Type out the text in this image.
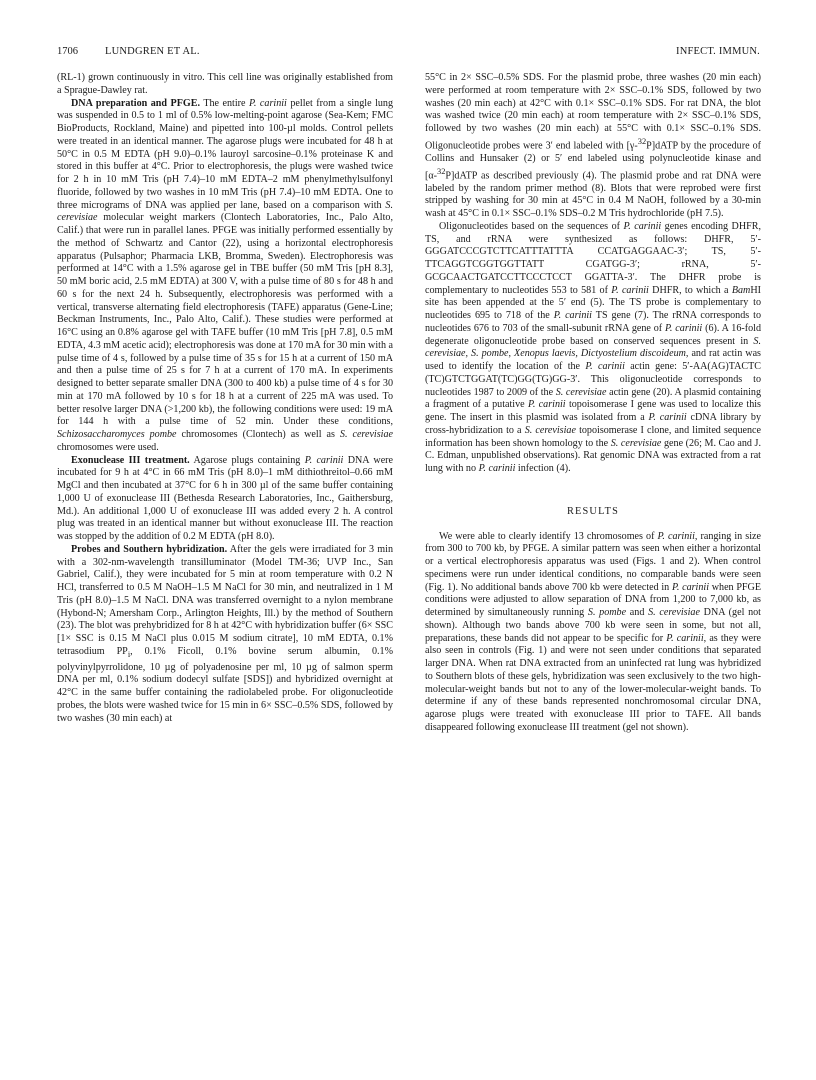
1706	LUNDGREN ET AL.	INFECT. IMMUN.

(RL-1) grown continuously in vitro. This cell line was originally established from a Sprague-Dawley rat.

DNA preparation and PFGE. The entire P. carinii pellet from a single lung was suspended in 0.5 to 1 ml of 0.5% low-melting-point agarose (Sea-Kem; FMC BioProducts, Rockland, Maine) and pipetted into 100-µl molds. Control pellets were treated in an identical manner. The agarose plugs were incubated for 48 h at 50°C in 0.5 M EDTA (pH 9.0)–0.1% lauroyl sarcosine–0.1% proteinase K and stored in this buffer at 4°C. Prior to electrophoresis, the plugs were washed twice for 2 h in 10 mM Tris (pH 7.4)–10 mM EDTA–2 mM phenylmethylsulfonyl fluoride, followed by two washes in 10 mM Tris (pH 7.4)–10 mM EDTA. One to three micrograms of DNA was applied per lane, based on a comparison with S. cerevisiae molecular weight markers (Clontech Laboratories, Inc., Palo Alto, Calif.) that were run in parallel lanes. PFGE was initially performed essentially by the method of Schwartz and Cantor (22), using a horizontal electrophoresis apparatus (Pulsaphor; Pharmacia LKB, Bromma, Sweden). Electrophoresis was performed at 14°C with a 1.5% agarose gel in TBE buffer (50 mM Tris [pH 8.3], 50 mM boric acid, 2.5 mM EDTA) at 300 V, with a pulse time of 80 s for 48 h and 60 s for the next 24 h. Subsequently, electrophoresis was performed with a vertical, transverse alternating field electrophoresis (TAFE) apparatus (Gene-Line; Beckman Instruments, Inc., Palo Alto, Calif.). These studies were performed at 16°C using an 0.8% agarose gel with TAFE buffer (10 mM Tris [pH 7.8], 0.5 mM EDTA, 4.3 mM acetic acid); electrophoresis was done at 170 mA for 30 min with a pulse time of 4 s, followed by a pulse time of 35 s for 15 h at a current of 150 mA and then a pulse time of 25 s for 7 h at a current of 170 mA. In experiments designed to better separate smaller DNA (300 to 400 kb) a pulse time of 4 s for 30 min at 170 mA followed by 10 s for 18 h at a current of 225 mA was used. To better resolve larger DNA (>1,200 kb), the following conditions were used: 19 mA for 144 h with a pulse time of 52 min. Under these conditions, Schizosaccharomyces pombe chromosomes (Clontech) as well as S. cerevisiae chromosomes were used.

Exonuclease III treatment. Agarose plugs containing P. carinii DNA were incubated for 9 h at 4°C in 66 mM Tris (pH 8.0)–1 mM dithiothreitol–0.66 mM MgCl and then incubated at 37°C for 6 h in 300 µl of the same buffer containing 1,000 U of exonuclease III (Bethesda Research Laboratories, Inc., Gaithersburg, Md.). An additional 1,000 U of exonuclease III was added every 2 h. A control plug was treated in an identical manner but without exonuclease III. The reaction was stopped by the addition of 0.2 M EDTA (pH 8.0).

Probes and Southern hybridization. After the gels were irradiated for 3 min with a 302-nm-wavelength transilluminator (Model TM-36; UVP Inc., San Gabriel, Calif.), they were incubated for 5 min at room temperature with 0.2 N HCl, transferred to 0.5 M NaOH–1.5 M NaCl for 30 min, and neutralized in 1 M Tris (pH 8.0)–1.5 M NaCl. DNA was transferred overnight to a nylon membrane (Hybond-N; Amersham Corp., Arlington Heights, Ill.) by the method of Southern (23). The blot was prehybridized for 8 h at 42°C with hybridization buffer (6× SSC [1× SSC is 0.15 M NaCl plus 0.015 M sodium citrate], 10 mM EDTA, 0.1% tetrasodium $PP_i$, 0.1% Ficoll, 0.1% bovine serum albumin, 0.1% polyvinylpyrrolidone, 10 µg of polyadenosine per ml, 10 µg of salmon sperm DNA per ml, 0.1% sodium dodecyl sulfate [SDS]) and hybridized overnight at 42°C in the same buffer containing the radiolabeled probe. For oligonucleotide probes, the blots were washed twice for 15 min in 6× SSC–0.5% SDS, followed by two washes (30 min each) at

55°C in 2× SSC–0.5% SDS. For the plasmid probe, three washes (20 min each) were performed at room temperature with 2× SSC–0.1% SDS, followed by two washes (20 min each) at 42°C with 0.1× SSC–0.1% SDS. For rat DNA, the blot was washed twice (20 min each) at room temperature with 2× SSC–0.1% SDS, followed by two washes (20 min each) at 55°C with 0.1× SSC–0.1% SDS. Oligonucleotide probes were 3′ end labeled with [γ-$^{32}$P]dATP by the procedure of Collins and Hunsaker (2) or 5′ end labeled using polynucleotide kinase and [α-$^{32}$P]dATP as described previously (4). The plasmid probe and rat DNA were labeled by the random primer method (8). Blots that were reprobed were first stripped by washing for 30 min at 45°C in 0.4 M NaOH, followed by a 30-min wash at 45°C in 0.1× SSC–0.1% SDS–0.2 M Tris hydrochloride (pH 7.5).

Oligonucleotides based on the sequences of P. carinii genes encoding DHFR, TS, and rRNA were synthesized as follows: DHFR, 5′-GGGATCCCGTCTTCATTTATTTA CCATGAGGAAC-3′; TS, 5′-TTCAGGTCGGTGGTTATT CGATGG-3′; rRNA, 5′-GCGCAACTGATCCTTCCCTCCT GGATTA-3′. The DHFR probe is complementary to nucleotides 553 to 581 of P. carinii DHFR, to which a BamHI site has been appended at the 5′ end (5). The TS probe is complementary to nucleotides 695 to 718 of the P. carinii TS gene (7). The rRNA corresponds to nucleotides 676 to 703 of the small-subunit rRNA gene of P. carinii (6). A 16-fold degenerate oligonucleotide probe based on conserved sequences present in S. cerevisiae, S. pombe, Xenopus laevis, Dictyostelium discoideum, and rat actin was used to identify the location of the P. carinii actin gene: 5′-AA(AG)TACTC (TC)GTCTGGAT(TC)GG(TG)GG-3′. This oligonucleotide corresponds to nucleotides 1987 to 2009 of the S. cerevisiae actin gene (20). A plasmid containing a fragment of a putative P. carinii topoisomerase I gene was used to localize this gene. The insert in this plasmid was isolated from a P. carinii cDNA library by cross-hybridization to a S. cerevisiae topoisomerase I clone, and limited sequence information has been shown homology to the S. cerevisiae gene (26; M. Cao and J. C. Edman, unpublished observations). Rat genomic DNA was extracted from a rat lung with no P. carinii infection (4).

RESULTS

We were able to clearly identify 13 chromosomes of P. carinii, ranging in size from 300 to 700 kb, by PFGE. A similar pattern was seen when either a horizontal or a vertical electrophoresis apparatus was used (Figs. 1 and 2). When control specimens were run under identical conditions, no comparable bands were seen (Fig. 1). No additional bands above 700 kb were detected in P. carinii when PFGE conditions were adjusted to allow separation of DNA from 1,200 to 7,000 kb, as determined by simultaneously running S. pombe and S. cerevisiae DNA (gel not shown). Although two bands above 700 kb were seen in some, but not all, preparations, these bands did not appear to be specific for P. carinii, as they were also seen in controls (Fig. 1) and were not seen under conditions that separated larger DNA. When rat DNA extracted from an uninfected rat lung was hybridized to Southern blots of these gels, hybridization was seen exclusively to the two high-molecular-weight bands but not to any of the lower-molecular-weight bands. To determine if any of these bands represented nonchromosomal circular DNA, agarose plugs were treated with exonuclease III prior to TAFE. All bands disappeared following exonuclease III treatment (gel not shown).
